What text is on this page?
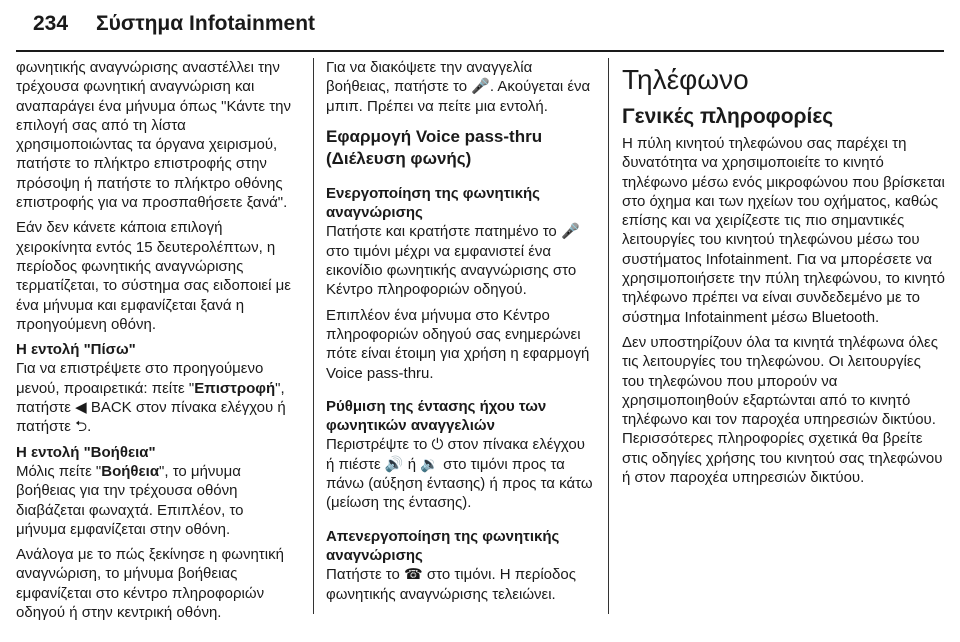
234 Σύστημα Infotainment

φωνητικής αναγνώρισης αναστέλλει την τρέχουσα φωνητική αναγνώριση και αναπαράγει ένα μήνυμα όπως "Κάντε την επιλογή σας από τη λίστα χρησιμοποιώντας τα όργανα χειρισμού, πατήστε το πλήκτρο επιστροφής στην πρόσοψη ή πατήστε το πλήκτρο οθόνης επιστροφής για να προσπαθήσετε ξανά".

Εάν δεν κάνετε κάποια επιλογή χειροκίνητα εντός 15 δευτερολέπτων, η περίοδος φωνητικής αναγνώρισης τερματίζεται, το σύστημα σας ειδοποιεί με ένα μήνυμα και εμφανίζεται ξανά η προηγούμενη οθόνη.

Η εντολή "Πίσω"

Για να επιστρέψετε στο προηγούμενο μενού, προαιρετικά: πείτε "Επιστροφή", πατήστε ◀ BACK στον πίνακα ελέγχου ή πατήστε ⮌.

Η εντολή "Βοήθεια"

Μόλις πείτε "Βοήθεια", το μήνυμα βοήθειας για την τρέχουσα οθόνη διαβάζεται φωναχτά. Επιπλέον, το μήνυμα εμφανίζεται στην οθόνη.

Ανάλογα με το πώς ξεκίνησε η φωνητική αναγνώριση, το μήνυμα βοήθειας εμφανίζεται στο κέντρο πληροφοριών οδηγού ή στην κεντρική οθόνη.

Για να διακόψετε την αναγγελία βοήθειας, πατήστε το 🎤. Ακούγεται ένα μπιπ. Πρέπει να πείτε μια εντολή.

Εφαρμογή Voice pass-thru (Διέλευση φωνής)
Ενεργοποίηση της φωνητικής αναγνώρισης

Πατήστε και κρατήστε πατημένο το 🎤 στο τιμόνι μέχρι να εμφανιστεί ένα εικονίδιο φωνητικής αναγνώρισης στο Κέντρο πληροφοριών οδηγού.

Επιπλέον ένα μήνυμα στο Κέντρο πληροφοριών οδηγού σας ενημερώνει πότε είναι έτοιμη για χρήση η εφαρμογή Voice pass-thru.

Ρύθμιση της έντασης ήχου των φωνητικών αναγγελιών

Περιστρέψτε το ⏻ στον πίνακα ελέγχου ή πιέστε 🔊 ή 🔉 στο τιμόνι προς τα πάνω (αύξηση έντασης) ή προς τα κάτω (μείωση της έντασης).

Απενεργοποίηση της φωνητικής αναγνώρισης

Πατήστε το ☎ στο τιμόνι. Η περίοδος φωνητικής αναγνώρισης τελειώνει.

Τηλέφωνο
Γενικές πληροφορίες

Η πύλη κινητού τηλεφώνου σας παρέχει τη δυνατότητα να χρησιμοποιείτε το κινητό τηλέφωνο μέσω ενός μικροφώνου που βρίσκεται στο όχημα και των ηχείων του οχήματος, καθώς επίσης και να χειρίζεστε τις πιο σημαντικές λειτουργίες του κινητού τηλεφώνου μέσω του συστήματος Infotainment. Για να μπορέσετε να χρησιμοποιήσετε την πύλη τηλεφώνου, το κινητό τηλέφωνο πρέπει να είναι συνδεδεμένο με το σύστημα Infotainment μέσω Bluetooth.

Δεν υποστηρίζουν όλα τα κινητά τηλέφωνα όλες τις λειτουργίες του τηλεφώνου. Οι λειτουργίες του τηλεφώνου που μπορούν να χρησιμοποιηθούν εξαρτώνται από το κινητό τηλέφωνο και τον παροχέα υπηρεσιών δικτύου. Περισσότερες πληροφορίες σχετικά θα βρείτε στις οδηγίες χρήσης του κινητού σας τηλεφώνου ή στον παροχέα υπηρεσιών δικτύου.
